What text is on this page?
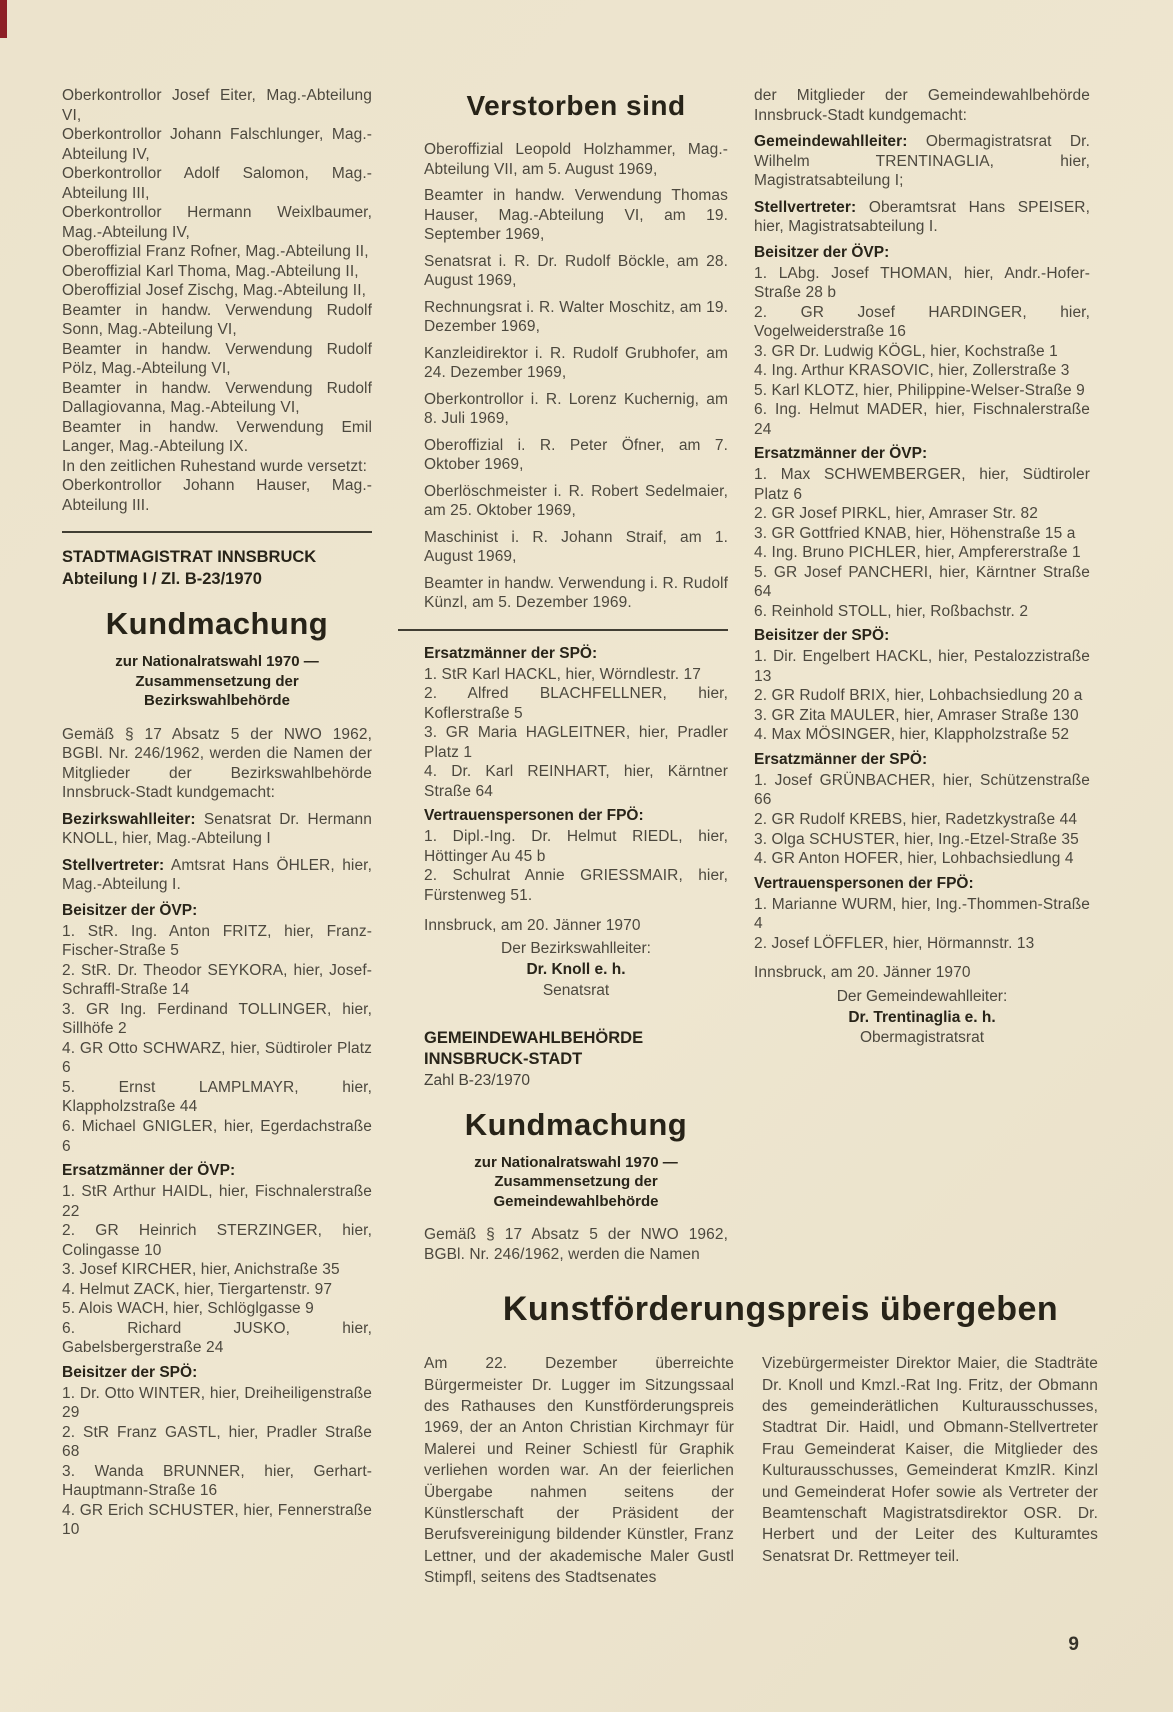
Oberkontrollor Josef Eiter, Mag.-Abteilung VI,

Oberkontrollor Johann Falschlunger, Mag.-Abteilung IV,

Oberkontrollor Adolf Salomon, Mag.-Abteilung III,

Oberkontrollor Hermann Weixlbaumer, Mag.-Abteilung IV,

Oberoffizial Franz Rofner, Mag.-Abteilung II,

Oberoffizial Karl Thoma, Mag.-Abteilung II,

Oberoffizial Josef Zischg, Mag.-Abteilung II,

Beamter in handw. Verwendung Rudolf Sonn, Mag.-Abteilung VI,

Beamter in handw. Verwendung Rudolf Pölz, Mag.-Abteilung VI,

Beamter in handw. Verwendung Rudolf Dallagiovanna, Mag.-Abteilung VI,

Beamter in handw. Verwendung Emil Langer, Mag.-Abteilung IX.

In den zeitlichen Ruhestand wurde versetzt:

Oberkontrollor Johann Hauser, Mag.-Abteilung III.

STADTMAGISTRAT INNSBRUCK

Abteilung I / Zl. B-23/1970

Kundmachung

zur Nationalratswahl 1970 — Zusammensetzung der Bezirkswahlbehörde

Gemäß § 17 Absatz 5 der NWO 1962, BGBl. Nr. 246/1962, werden die Namen der Mitglieder der Bezirkswahlbehörde Innsbruck-Stadt kundgemacht:

Bezirkswahlleiter: Senatsrat Dr. Hermann KNOLL, hier, Mag.-Abteilung I

Stellvertreter: Amtsrat Hans ÖHLER, hier, Mag.-Abteilung I.

Beisitzer der ÖVP:

1. StR. Ing. Anton FRITZ, hier, Franz-Fischer-Straße 5

2. StR. Dr. Theodor SEYKORA, hier, Josef-Schraffl-Straße 14

3. GR Ing. Ferdinand TOLLINGER, hier, Sillhöfe 2

4. GR Otto SCHWARZ, hier, Südtiroler Platz 6

5. Ernst LAMPLMAYR, hier, Klappholzstraße 44

6. Michael GNIGLER, hier, Egerdachstraße 6

Ersatzmänner der ÖVP:

1. StR Arthur HAIDL, hier, Fischnalerstraße 22

2. GR Heinrich STERZINGER, hier, Colingasse 10

3. Josef KIRCHER, hier, Anichstraße 35

4. Helmut ZACK, hier, Tiergartenstr. 97

5. Alois WACH, hier, Schlöglgasse 9

6. Richard JUSKO, hier, Gabelsbergerstraße 24

Beisitzer der SPÖ:

1. Dr. Otto WINTER, hier, Dreiheiligenstraße 29

2. StR Franz GASTL, hier, Pradler Straße 68

3. Wanda BRUNNER, hier, Gerhart-Hauptmann-Straße 16

4. GR Erich SCHUSTER, hier, Fennerstraße 10

Verstorben sind

Oberoffizial Leopold Holzhammer, Mag.-Abteilung VII, am 5. August 1969,

Beamter in handw. Verwendung Thomas Hauser, Mag.-Abteilung VI, am 19. September 1969,

Senatsrat i. R. Dr. Rudolf Böckle, am 28. August 1969,

Rechnungsrat i. R. Walter Moschitz, am 19. Dezember 1969,

Kanzleidirektor i. R. Rudolf Grubhofer, am 24. Dezember 1969,

Oberkontrollor i. R. Lorenz Kuchernig, am 8. Juli 1969,

Oberoffizial i. R. Peter Öfner, am 7. Oktober 1969,

Oberlöschmeister i. R. Robert Sedelmaier, am 25. Oktober 1969,

Maschinist i. R. Johann Straif, am 1. August 1969,

Beamter in handw. Verwendung i. R. Rudolf Künzl, am 5. Dezember 1969.

Ersatzmänner der SPÖ:

1. StR Karl HACKL, hier, Wörndlestr. 17

2. Alfred BLACHFELLNER, hier, Koflerstraße 5

3. GR Maria HAGLEITNER, hier, Pradler Platz 1

4. Dr. Karl REINHART, hier, Kärntner Straße 64

Vertrauenspersonen der FPÖ:

1. Dipl.-Ing. Dr. Helmut RIEDL, hier, Höttinger Au 45 b

2. Schulrat Annie GRIESSMAIR, hier, Fürstenweg 51.

Innsbruck, am 20. Jänner 1970

Der Bezirkswahlleiter:

Dr. Knoll e. h.

Senatsrat

GEMEINDEWAHLBEHÖRDE INNSBRUCK-STADT

Zahl B-23/1970

Kundmachung

zur Nationalratswahl 1970 — Zusammensetzung der Gemeindewahlbehörde

Gemäß § 17 Absatz 5 der NWO 1962, BGBl. Nr. 246/1962, werden die Namen

der Mitglieder der Gemeindewahlbehörde Innsbruck-Stadt kundgemacht:

Gemeindewahlleiter: Obermagistratsrat Dr. Wilhelm TRENTINAGLIA, hier, Magistratsabteilung I;

Stellvertreter: Oberamtsrat Hans SPEISER, hier, Magistratsabteilung I.

Beisitzer der ÖVP:

1. LAbg. Josef THOMAN, hier, Andr.-Hofer-Straße 28 b

2. GR Josef HARDINGER, hier, Vogelweiderstraße 16

3. GR Dr. Ludwig KÖGL, hier, Kochstraße 1

4. Ing. Arthur KRASOVIC, hier, Zollerstraße 3

5. Karl KLOTZ, hier, Philippine-Welser-Straße 9

6. Ing. Helmut MADER, hier, Fischnalerstraße 24

Ersatzmänner der ÖVP:

1. Max SCHWEMBERGER, hier, Südtiroler Platz 6

2. GR Josef PIRKL, hier, Amraser Str. 82

3. GR Gottfried KNAB, hier, Höhenstraße 15 a

4. Ing. Bruno PICHLER, hier, Ampfererstraße 1

5. GR Josef PANCHERI, hier, Kärntner Straße 64

6. Reinhold STOLL, hier, Roßbachstr. 2

Beisitzer der SPÖ:

1. Dir. Engelbert HACKL, hier, Pestalozzistraße 13

2. GR Rudolf BRIX, hier, Lohbachsiedlung 20 a

3. GR Zita MAULER, hier, Amraser Straße 130

4. Max MÖSINGER, hier, Klappholzstraße 52

Ersatzmänner der SPÖ:

1. Josef GRÜNBACHER, hier, Schützenstraße 66

2. GR Rudolf KREBS, hier, Radetzkystraße 44

3. Olga SCHUSTER, hier, Ing.-Etzel-Straße 35

4. GR Anton HOFER, hier, Lohbachsiedlung 4

Vertrauenspersonen der FPÖ:

1. Marianne WURM, hier, Ing.-Thommen-Straße 4

2. Josef LÖFFLER, hier, Hörmannstr. 13

Innsbruck, am 20. Jänner 1970

Der Gemeindewahlleiter:

Dr. Trentinaglia e. h.

Obermagistratsrat

Kunstförderungspreis übergeben

Am 22. Dezember überreichte Bürgermeister Dr. Lugger im Sitzungssaal des Rathauses den Kunstförderungspreis 1969, der an Anton Christian Kirchmayr für Malerei und Reiner Schiestl für Graphik verliehen worden war. An der feierlichen Übergabe nahmen seitens der Künstlerschaft der Präsident der Berufsvereinigung bildender Künstler, Franz Lettner, und der akademische Maler Gustl Stimpfl, seitens des Stadtsenates

Vizebürgermeister Direktor Maier, die Stadträte Dr. Knoll und Kmzl.-Rat Ing. Fritz, der Obmann des gemeinderätlichen Kulturausschusses, Stadtrat Dir. Haidl, und Obmann-Stellvertreter Frau Gemeinderat Kaiser, die Mitglieder des Kulturausschusses, Gemeinderat KmzlR. Kinzl und Gemeinderat Hofer sowie als Vertreter der Beamtenschaft Magistratsdirektor OSR. Dr. Herbert und der Leiter des Kulturamtes Senatsrat Dr. Rettmeyer teil.

9
